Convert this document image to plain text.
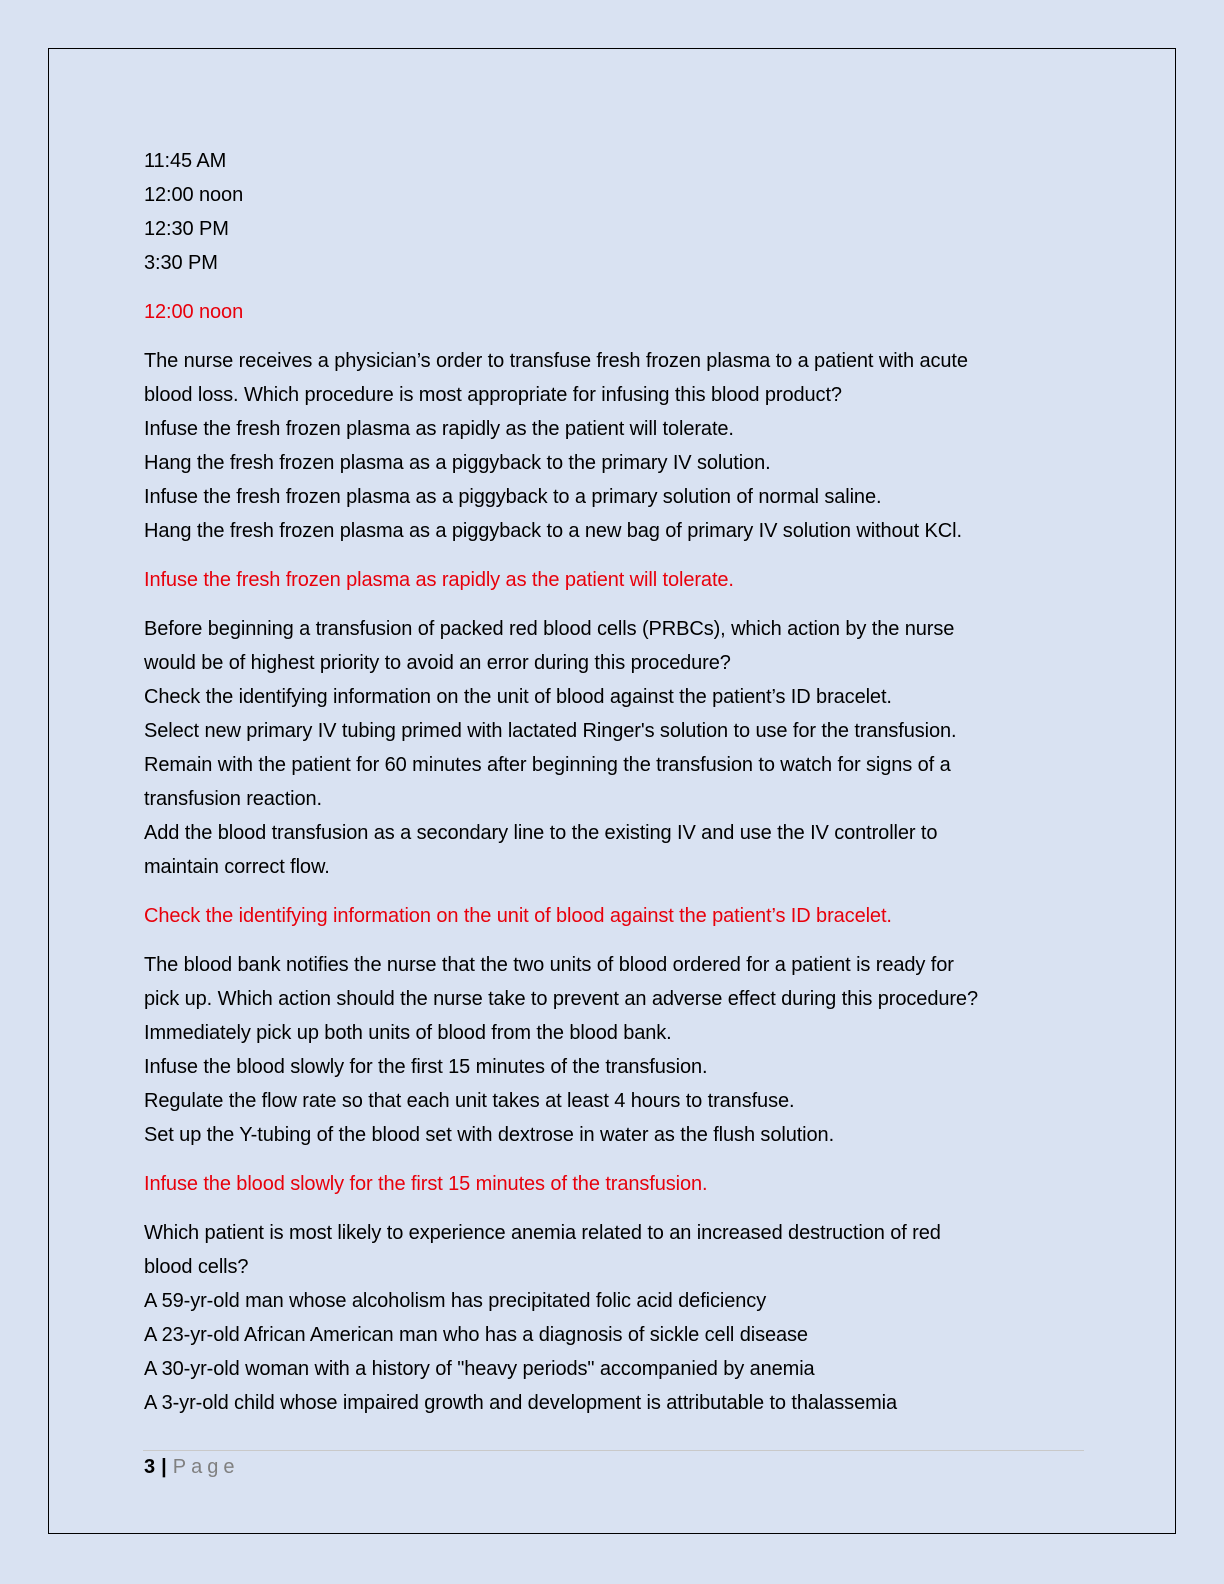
11:45 AM
12:00 noon
12:30 PM
3:30 PM
12:00 noon
The nurse receives a physician’s order to transfuse fresh frozen plasma to a patient with acute
blood loss. Which procedure is most appropriate for infusing this blood product?
Infuse the fresh frozen plasma as rapidly as the patient will tolerate.
Hang the fresh frozen plasma as a piggyback to the primary IV solution.
Infuse the fresh frozen plasma as a piggyback to a primary solution of normal saline.
Hang the fresh frozen plasma as a piggyback to a new bag of primary IV solution without KCl.
Infuse the fresh frozen plasma as rapidly as the patient will tolerate.
Before beginning a transfusion of packed red blood cells (PRBCs), which action by the nurse
would be of highest priority to avoid an error during this procedure?
Check the identifying information on the unit of blood against the patient’s ID bracelet.
Select new primary IV tubing primed with lactated Ringer's solution to use for the transfusion.
Remain with the patient for 60 minutes after beginning the transfusion to watch for signs of a
transfusion reaction.
Add the blood transfusion as a secondary line to the existing IV and use the IV controller to
maintain correct flow.
Check the identifying information on the unit of blood against the patient’s ID bracelet.
The blood bank notifies the nurse that the two units of blood ordered for a patient is ready for
pick up. Which action should the nurse take to prevent an adverse effect during this procedure?
Immediately pick up both units of blood from the blood bank.
Infuse the blood slowly for the first 15 minutes of the transfusion.
Regulate the flow rate so that each unit takes at least 4 hours to transfuse.
Set up the Y-tubing of the blood set with dextrose in water as the flush solution.
Infuse the blood slowly for the first 15 minutes of the transfusion.
Which patient is most likely to experience anemia related to an increased destruction of red
blood cells?
A 59-yr-old man whose alcoholism has precipitated folic acid deficiency
A 23-yr-old African American man who has a diagnosis of sickle cell disease
A 30-yr-old woman with a history of "heavy periods" accompanied by anemia
A 3-yr-old child whose impaired growth and development is attributable to thalassemia
3 | Page
